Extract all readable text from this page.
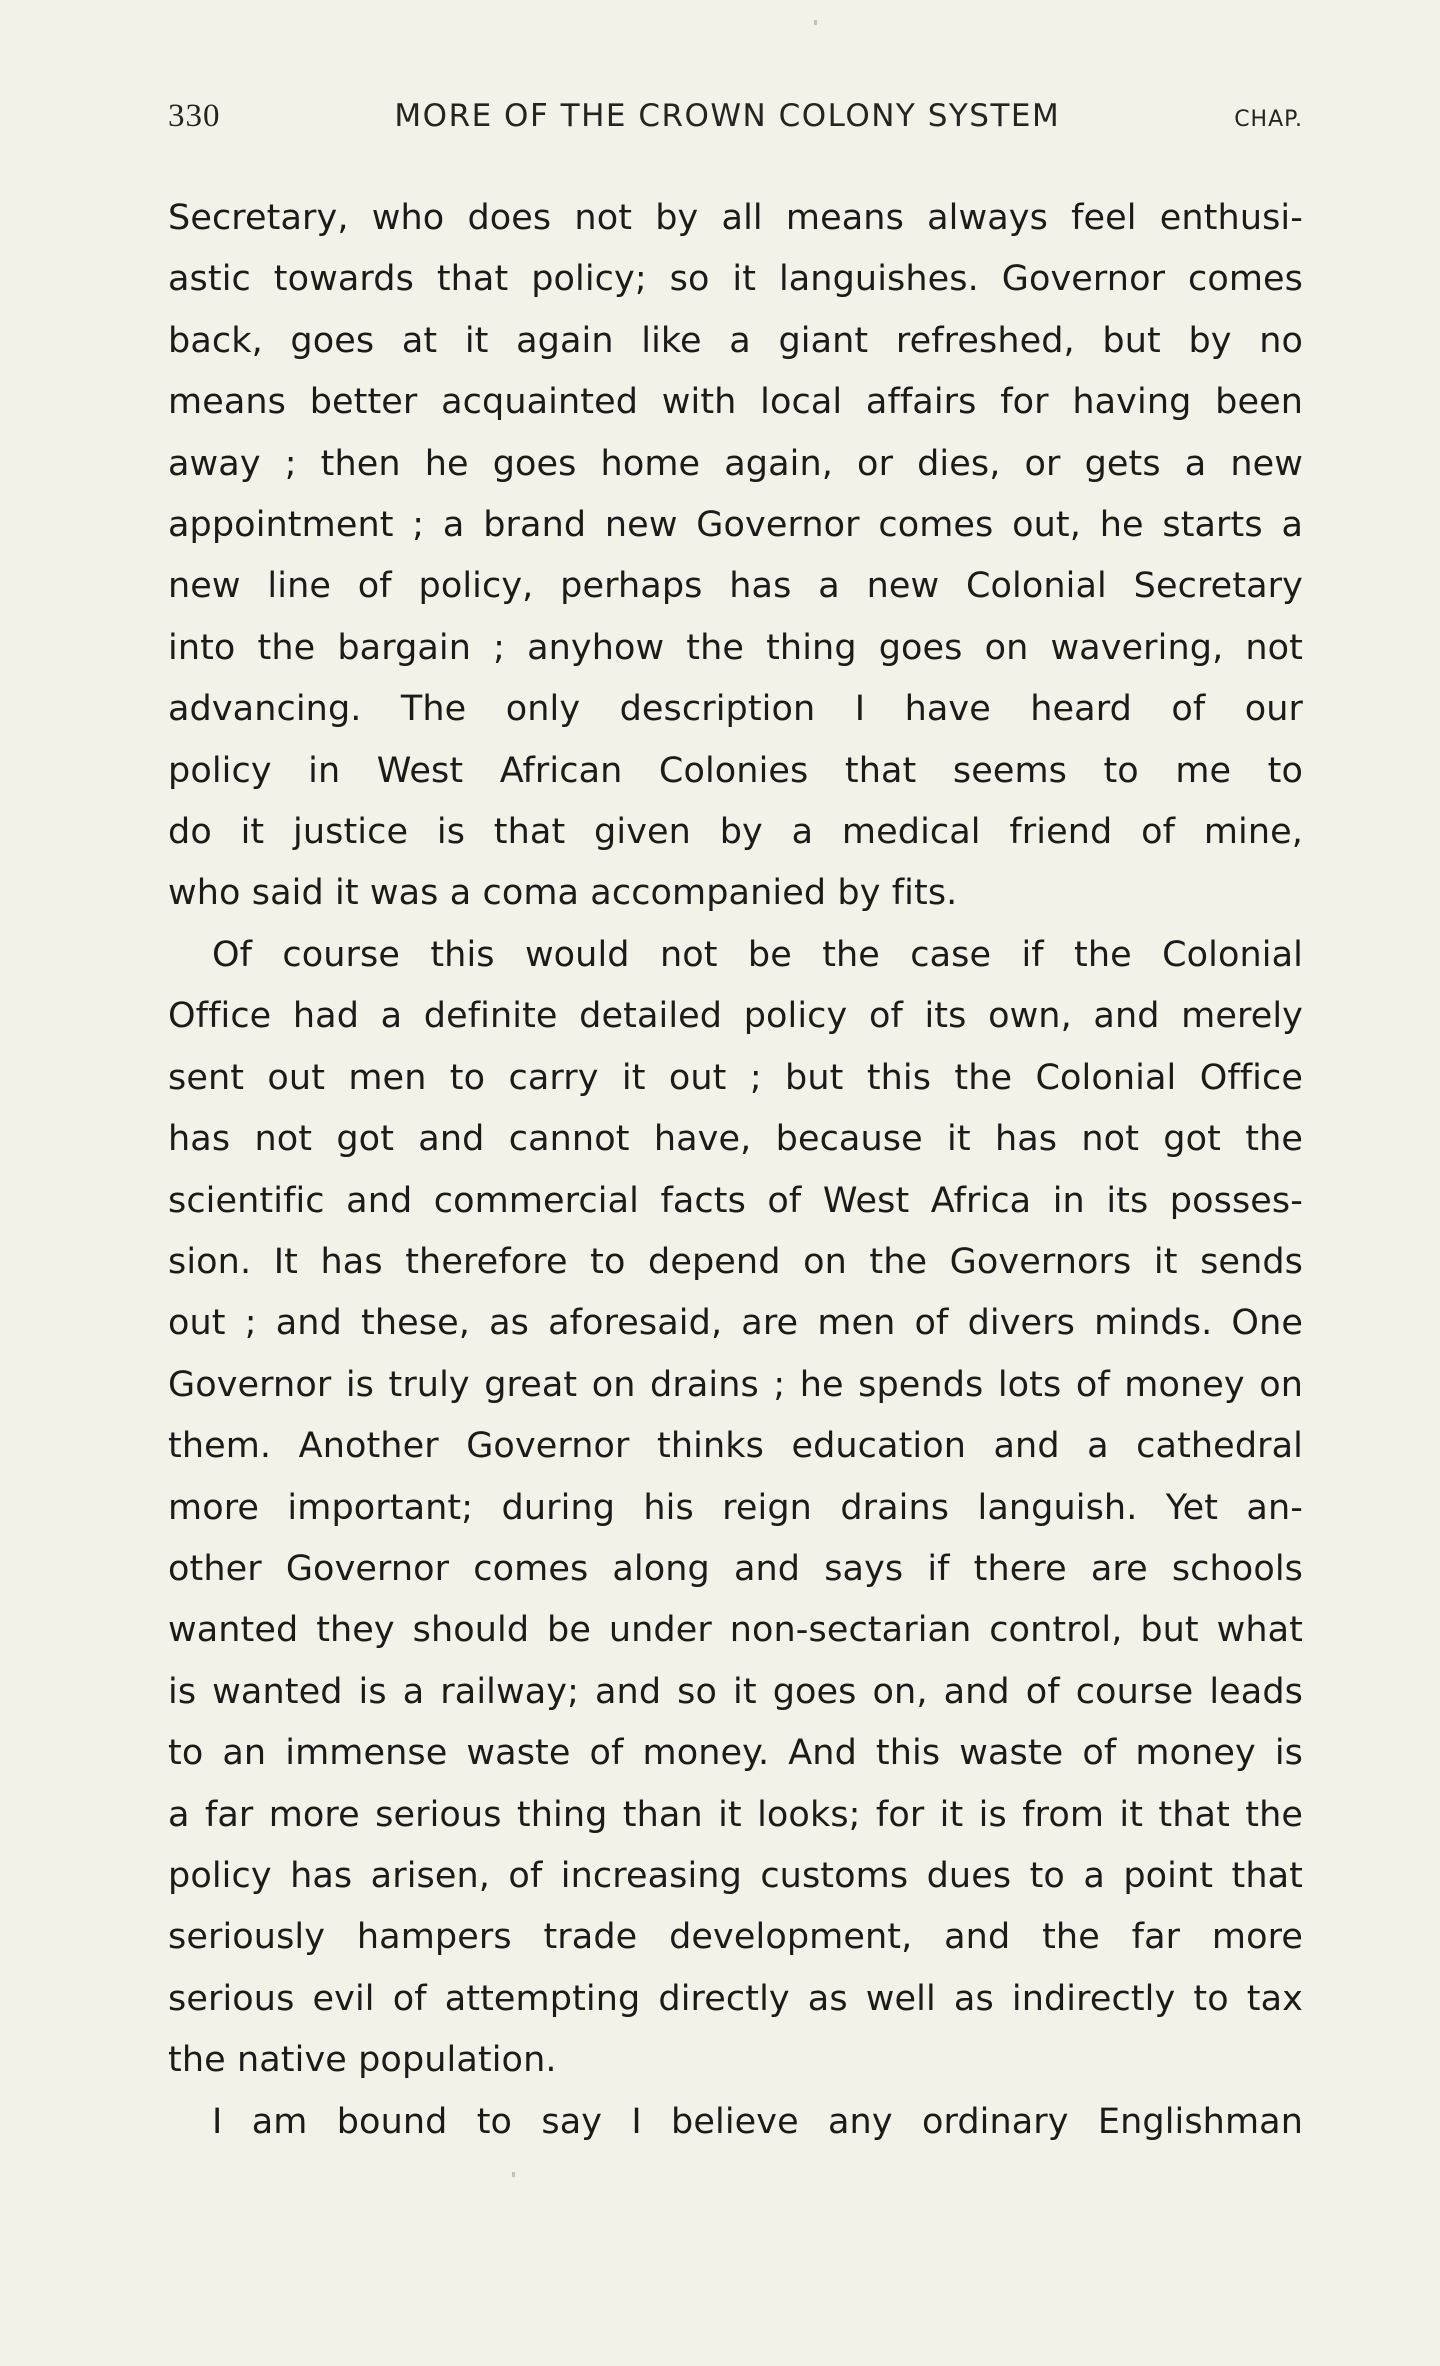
330	MORE OF THE CROWN COLONY SYSTEM	CHAP.
Secretary, who does not by all means always feel enthusi-
astic towards that policy; so it languishes. Governor comes
back, goes at it again like a giant refreshed, but by no
means better acquainted with local affairs for having been
away ; then he goes home again, or dies, or gets a new
appointment ; a brand new Governor comes out, he starts a
new line of policy, perhaps has a new Colonial Secretary
into the bargain ; anyhow the thing goes on wavering, not
advancing. The only description I have heard of our
policy in West African Colonies that seems to me to
do it justice is that given by a medical friend of mine,
who said it was a coma accompanied by fits.
Of course this would not be the case if the Colonial
Office had a definite detailed policy of its own, and merely
sent out men to carry it out ; but this the Colonial Office
has not got and cannot have, because it has not got the
scientific and commercial facts of West Africa in its posses-
sion. It has therefore to depend on the Governors it sends
out ; and these, as aforesaid, are men of divers minds. One
Governor is truly great on drains ; he spends lots of money on
them. Another Governor thinks education and a cathedral
more important; during his reign drains languish. Yet an-
other Governor comes along and says if there are schools
wanted they should be under non-sectarian control, but what
is wanted is a railway; and so it goes on, and of course leads
to an immense waste of money. And this waste of money is
a far more serious thing than it looks; for it is from it that the
policy has arisen, of increasing customs dues to a point that
seriously hampers trade development, and the far more
serious evil of attempting directly as well as indirectly to tax
the native population.
I am bound to say I believe any ordinary Englishman
